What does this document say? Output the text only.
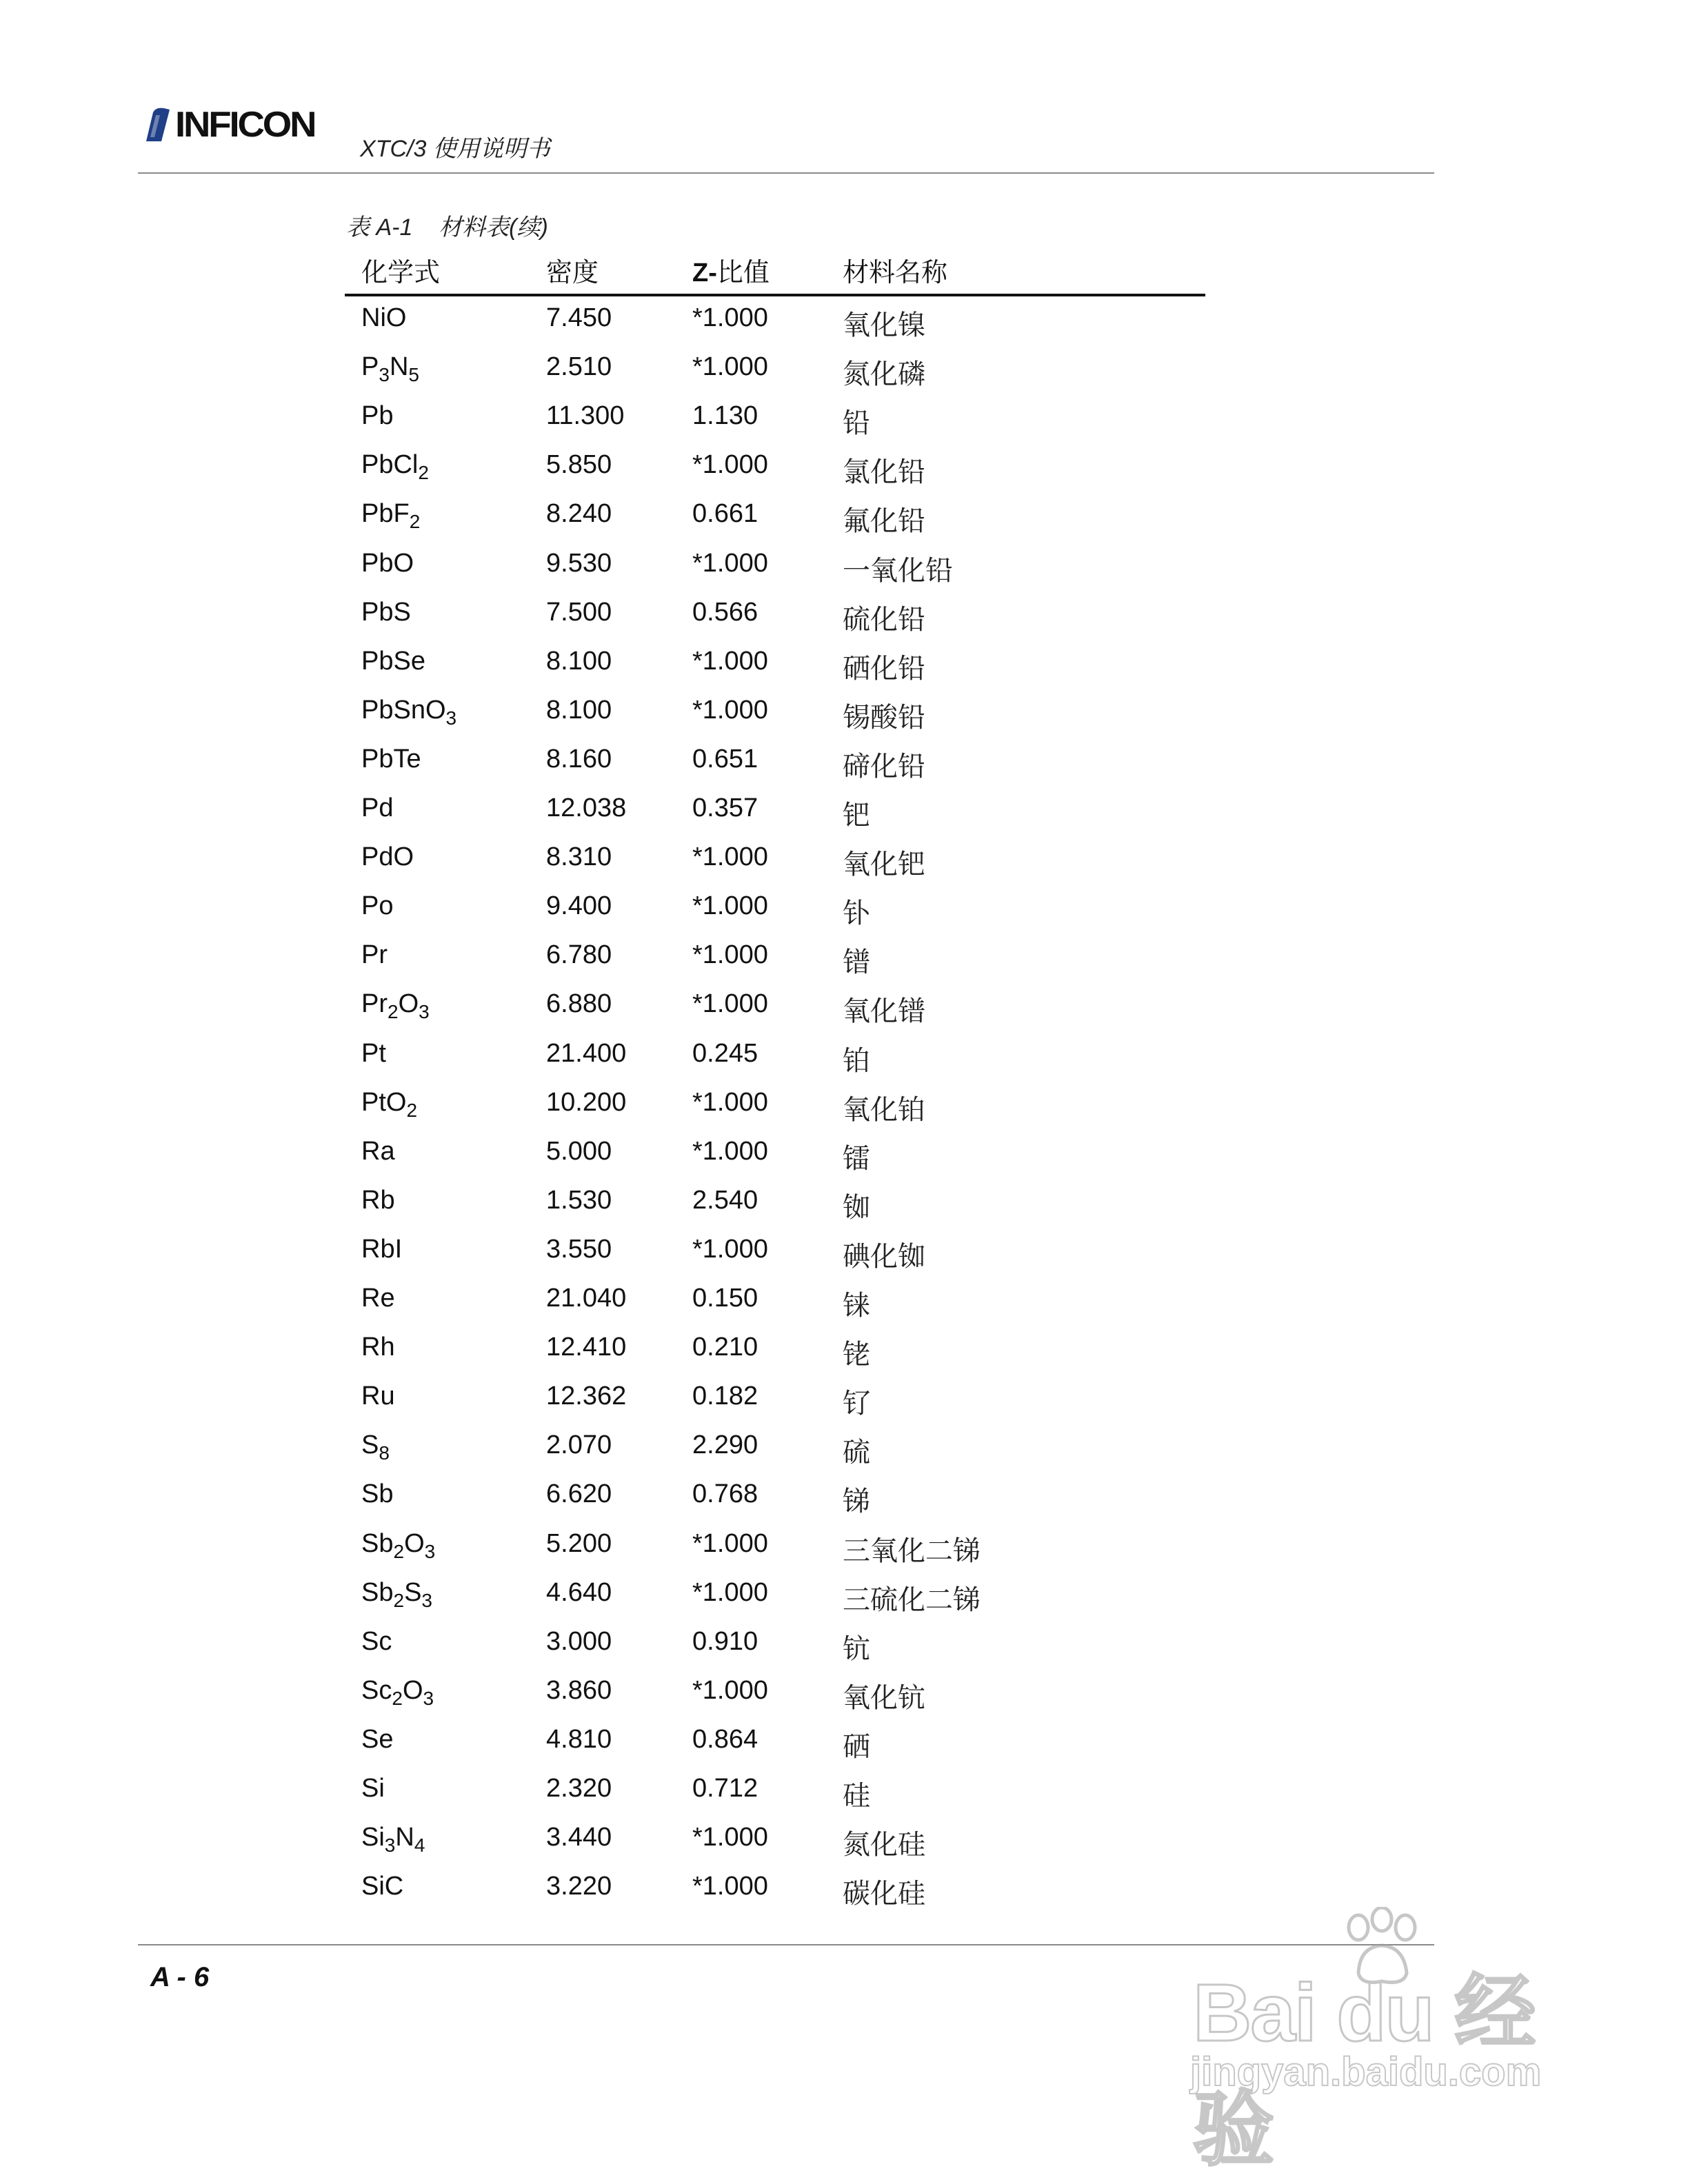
INFICON
XTC/3 使用说明书
表 A-1    材料表(续)
化学式	密度	Z-比值	材料名称
NiO	7.450	*1.000	氧化镍
$P_3N_5$	2.510	*1.000	氮化磷
Pb	11.300	1.130	铅
PbCl$_2$	5.850	*1.000	氯化铅
PbF$_2$	8.240	0.661	氟化铅
PbO	9.530	*1.000	一氧化铅
PbS	7.500	0.566	硫化铅
PbSe	8.100	*1.000	硒化铅
PbSnO$_3$	8.100	*1.000	锡酸铅
PbTe	8.160	0.651	碲化铅
Pd	12.038	0.357	钯
PdO	8.310	*1.000	氧化钯
Po	9.400	*1.000	钋
Pr	6.780	*1.000	镨
$Pr_2O_3$	6.880	*1.000	氧化镨
Pt	21.400	0.245	铂
PtO$_2$	10.200	*1.000	氧化铂
Ra	5.000	*1.000	镭
Rb	1.530	2.540	铷
RbI	3.550	*1.000	碘化铷
Re	21.040	0.150	铼
Rh	12.410	0.210	铑
Ru	12.362	0.182	钌
$S_8$	2.070	2.290	硫
Sb	6.620	0.768	锑
$Sb_2O_3$	5.200	*1.000	三氧化二锑
$Sb_2S_3$	4.640	*1.000	三硫化二锑
Sc	3.000	0.910	钪
$Sc_2O_3$	3.860	*1.000	氧化钪
Se	4.810	0.864	硒
Si	2.320	0.712	硅
$Si_3N_4$	3.440	*1.000	氮化硅
SiC	3.220	*1.000	碳化硅
A - 6	Bai du 经验
jingyan.baidu.com
